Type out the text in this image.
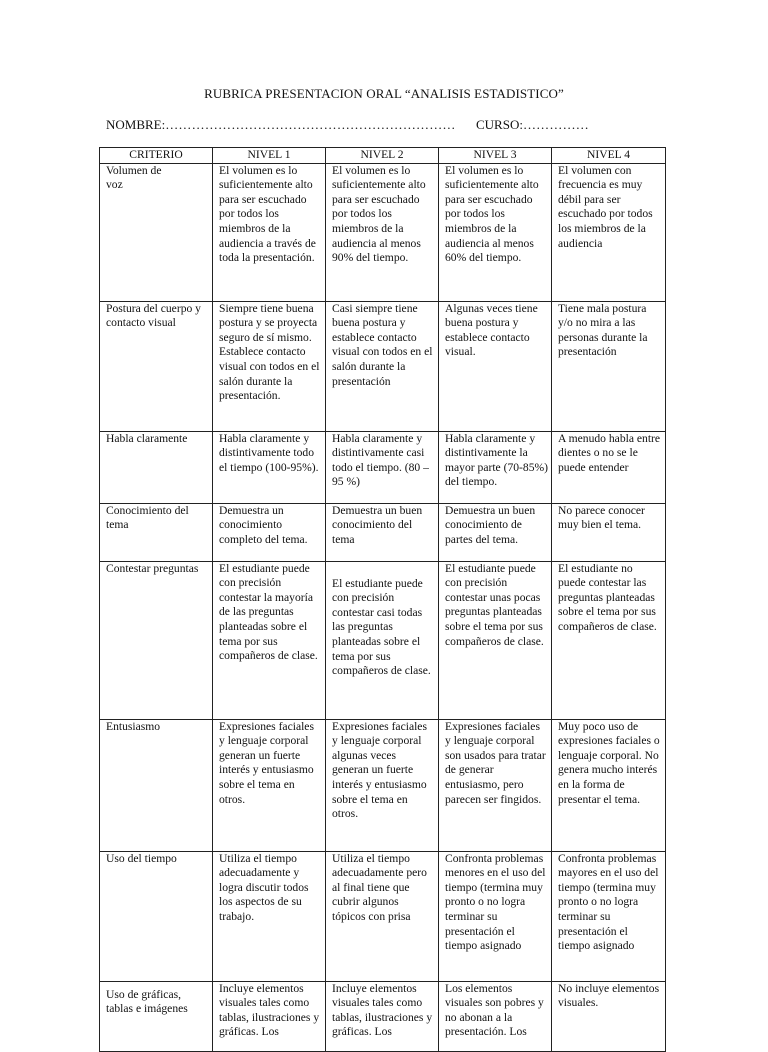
RUBRICA PRESENTACION ORAL “ANALISIS ESTADISTICO”
NOMBRE:………………………………………………………… CURSO:……………
CRITERIO	NIVEL 1	NIVEL 2	NIVEL 3	NIVEL 4
Volumen de voz	El volumen es lo suficientemente alto para ser escuchado por todos los miembros de la audiencia a través de toda la presentación.	El volumen es lo suficientemente alto para ser escuchado por todos los miembros de la audiencia al menos 90% del tiempo.	El volumen es lo suficientemente alto para ser escuchado por todos los miembros de la audiencia al menos 60% del tiempo.	El volumen con frecuencia es muy débil para ser escuchado por todos los miembros de la audiencia
Postura del cuerpo y contacto visual	Siempre tiene buena postura y se proyecta seguro de sí mismo. Establece contacto visual con todos en el salón durante la presentación.	Casi siempre tiene buena postura y establece contacto visual con todos en el salón durante la presentación	Algunas veces tiene buena postura y establece contacto visual.	Tiene mala postura y/o no mira a las personas durante la presentación
Habla claramente	Habla claramente y distintivamente todo el tiempo (100-95%).	Habla claramente y distintivamente casi todo el tiempo. (80 – 95 %)	Habla claramente y distintivamente la mayor parte (70-85%) del tiempo.	A menudo habla entre dientes o no se le puede entender
Conocimiento del tema	Demuestra un conocimiento completo del tema.	Demuestra un buen conocimiento del tema	Demuestra un buen conocimiento de partes del tema.	No parece conocer muy bien el tema.
Contestar preguntas	El estudiante puede con precisión contestar la mayoría de las preguntas planteadas sobre el tema por sus compañeros de clase.	El estudiante puede con precisión contestar casi todas las preguntas planteadas sobre el tema por sus compañeros de clase.	El estudiante puede con precisión contestar unas pocas preguntas planteadas sobre el tema por sus compañeros de clase.	El estudiante no puede contestar las preguntas planteadas sobre el tema por sus compañeros de clase.
Entusiasmo	Expresiones faciales y lenguaje corporal generan un fuerte interés y entusiasmo sobre el tema en otros.	Expresiones faciales y lenguaje corporal algunas veces generan un fuerte interés y entusiasmo sobre el tema en otros.	Expresiones faciales y lenguaje corporal son usados para tratar de generar entusiasmo, pero parecen ser fingidos.	Muy poco uso de expresiones faciales o lenguaje corporal. No genera mucho interés en la forma de presentar el tema.
Uso del tiempo	Utiliza el tiempo adecuadamente y logra discutir todos los aspectos de su trabajo.	Utiliza el tiempo adecuadamente pero al final tiene que cubrir algunos tópicos con prisa	Confronta problemas menores en el uso del tiempo (termina muy pronto o no logra terminar su presentación el tiempo asignado	Confronta problemas mayores en el uso del tiempo (termina muy pronto o no logra terminar su presentación el tiempo asignado
Uso de gráficas, tablas e imágenes	Incluye elementos visuales tales como tablas, ilustraciones y gráficas. Los	Incluye elementos visuales tales como tablas, ilustraciones y gráficas. Los	Los elementos visuales son pobres y no abonan a la presentación. Los	No incluye elementos visuales.
